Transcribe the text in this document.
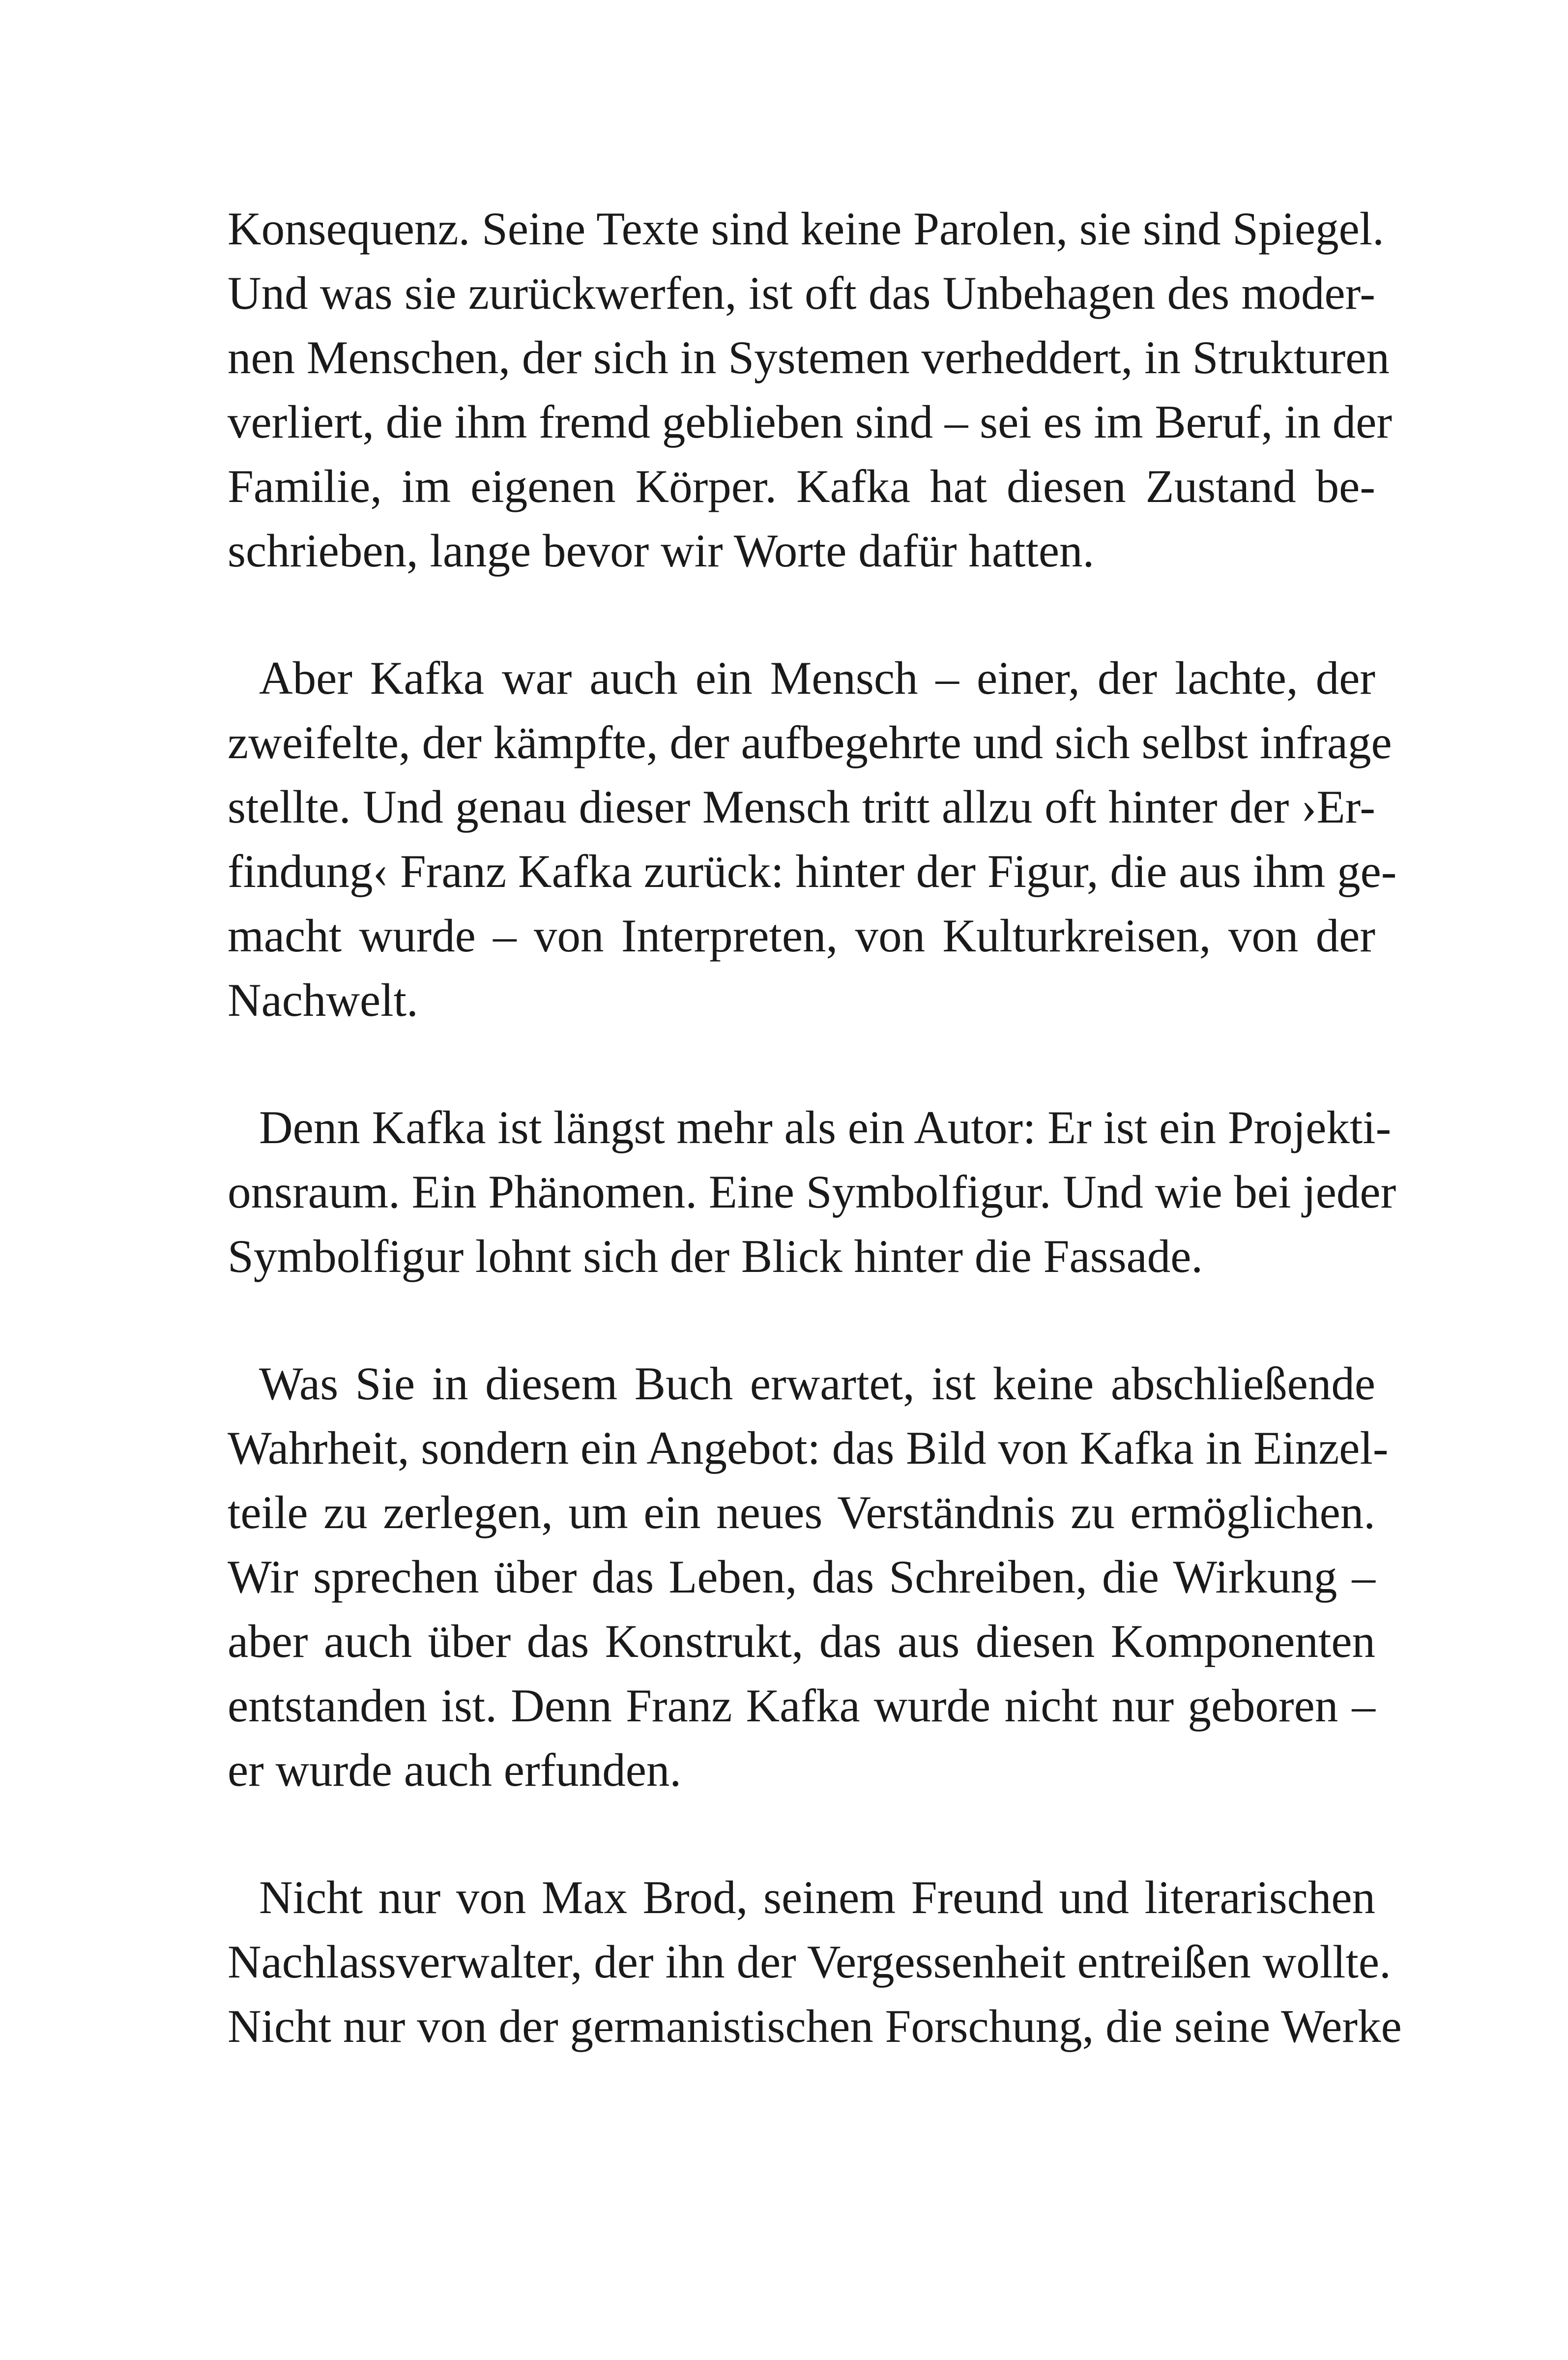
Konsequenz. Seine Texte sind keine Parolen, sie sind Spiegel.
Und was sie zurückwerfen, ist oft das Unbehagen des moder-
nen Menschen, der sich in Systemen verheddert, in Strukturen
verliert, die ihm fremd geblieben sind – sei es im Beruf, in der
Familie, im eigenen Körper. Kafka hat diesen Zustand be-
schrieben, lange bevor wir Worte dafür hatten.
Aber Kafka war auch ein Mensch – einer, der lachte, der
zweifelte, der kämpfte, der aufbegehrte und sich selbst infrage
stellte. Und genau dieser Mensch tritt allzu oft hinter der ›Er-
findung‹ Franz Kafka zurück: hinter der Figur, die aus ihm ge-
macht wurde – von Interpreten, von Kulturkreisen, von der
Nachwelt.
Denn Kafka ist längst mehr als ein Autor: Er ist ein Projekti-
onsraum. Ein Phänomen. Eine Symbolfigur. Und wie bei jeder
Symbolfigur lohnt sich der Blick hinter die Fassade.
Was Sie in diesem Buch erwartet, ist keine abschließende
Wahrheit, sondern ein Angebot: das Bild von Kafka in Einzel-
teile zu zerlegen, um ein neues Verständnis zu ermöglichen.
Wir sprechen über das Leben, das Schreiben, die Wirkung –
aber auch über das Konstrukt, das aus diesen Komponenten
entstanden ist. Denn Franz Kafka wurde nicht nur geboren –
er wurde auch erfunden.
Nicht nur von Max Brod, seinem Freund und literarischen
Nachlassverwalter, der ihn der Vergessenheit entreißen wollte.
Nicht nur von der germanistischen Forschung, die seine Werke
